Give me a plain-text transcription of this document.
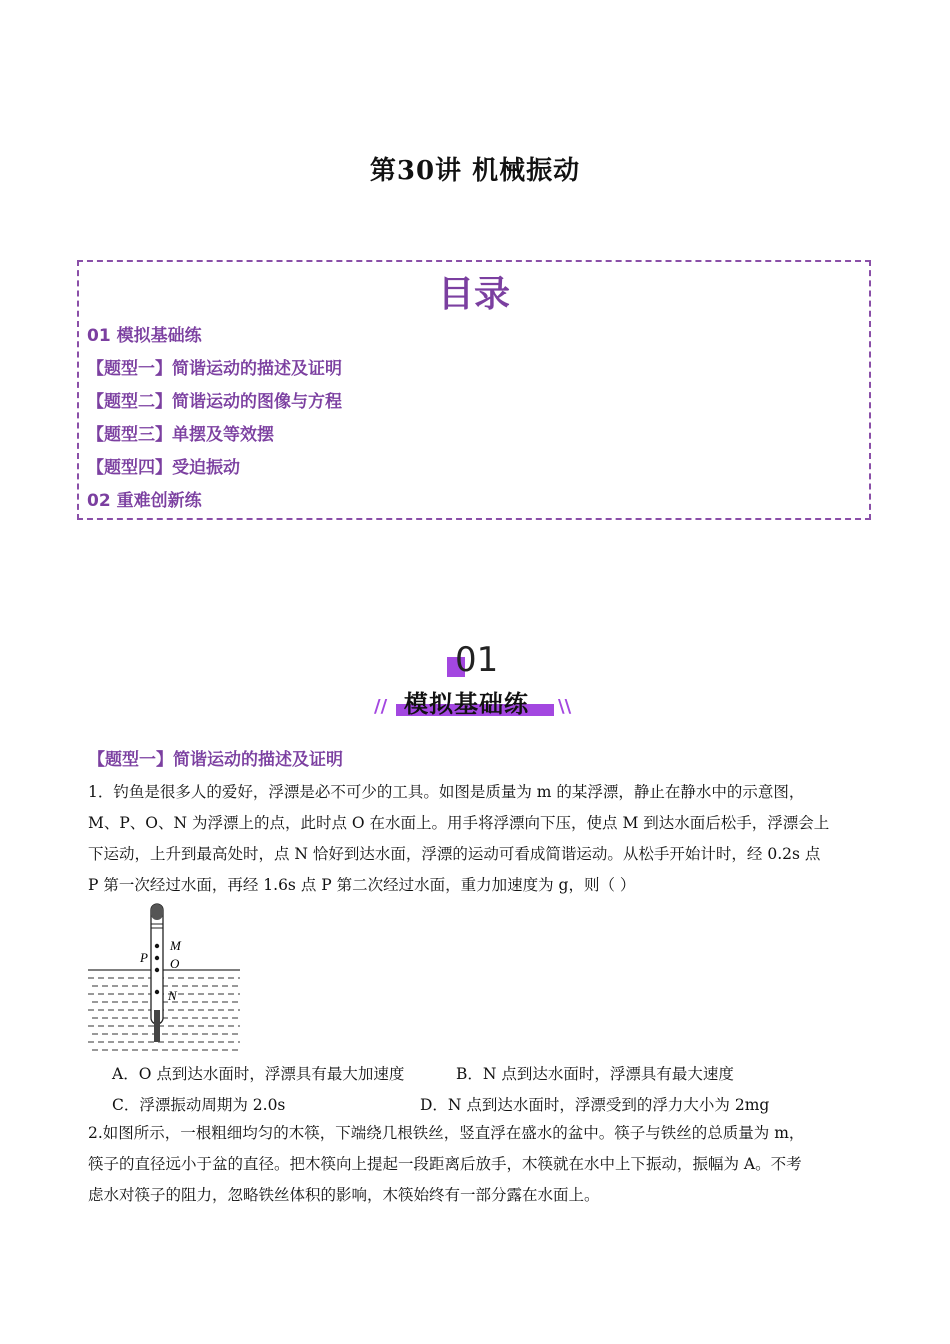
第30讲 机械振动
目录
01 模拟基础练
【题型一】简谐运动的描述及证明
【题型二】简谐运动的图像与方程
【题型三】单摆及等效摆
【题型四】受迫振动
02 重难创新练
01
模拟基础练
//	\\
【题型一】简谐运动的描述及证明
1．钓鱼是很多人的爱好，浮漂是必不可少的工具。如图是质量为 m 的某浮漂，静止在静水中的示意图，
M、P、O、N 为浮漂上的点，此时点 O 在水面上。用手将浮漂向下压，使点 M 到达水面后松手，浮漂会上
下运动，上升到最高处时，点 N 恰好到达水面，浮漂的运动可看成简谐运动。从松手开始计时，经 0.2s 点
P 第一次经过水面，再经 1.6s 点 P 第二次经过水面，重力加速度为 g，则（ ）
M
P O
N
A．O 点到达水面时，浮漂具有最大加速度	B．N 点到达水面时，浮漂具有最大速度
C．浮漂振动周期为 2.0s	D．N 点到达水面时，浮漂受到的浮力大小为 2mg
2.如图所示，一根粗细均匀的木筷，下端绕几根铁丝，竖直浮在盛水的盆中。筷子与铁丝的总质量为 m，
筷子的直径远小于盆的直径。把木筷向上提起一段距离后放手，木筷就在水中上下振动，振幅为 A。不考
虑水对筷子的阻力，忽略铁丝体积的影响，木筷始终有一部分露在水面上。
